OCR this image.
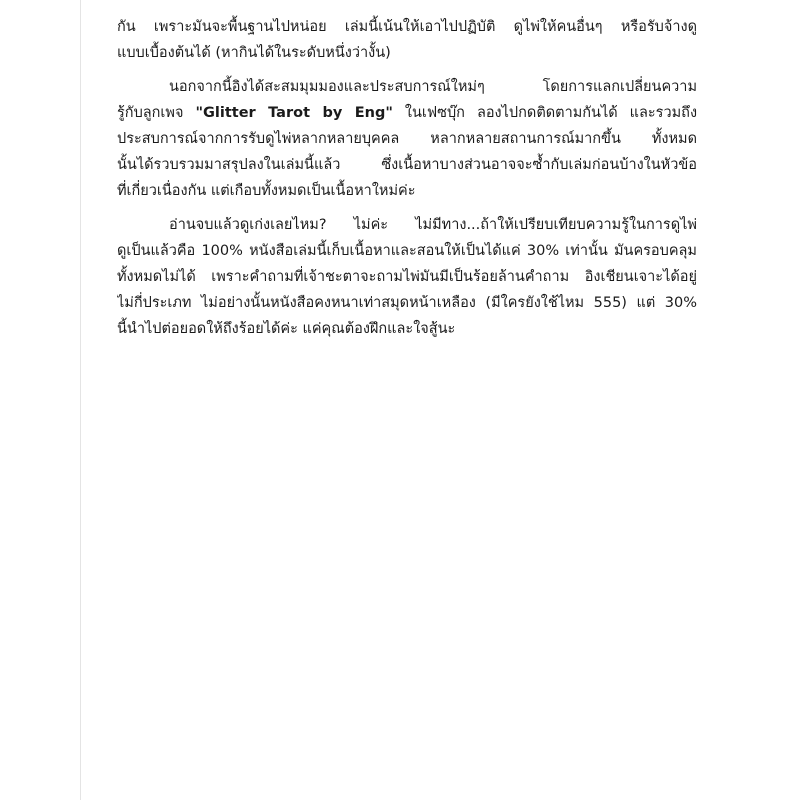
กัน เพราะมันจะพื้นฐานไปหน่อย เล่มนี้เน้นให้เอาไปปฏิบัติ ดูไพ่ให้คนอื่นๆ หรือรับจ้างดู
แบบเบื้องต้นได้ (หากินได้ในระดับหนึ่งว่างั้น)
นอกจากนี้อิงได้สะสมมุมมองและประสบการณ์ใหม่ๆ โดยการแลกเปลี่ยนความ
รู้กับลูกเพจ "Glitter Tarot by Eng" ในเฟซบุ๊ก ลองไปกดติดตามกันได้ และรวมถึง
ประสบการณ์จากการรับดูไพ่หลากหลายบุคคล หลากหลายสถานการณ์มากขึ้น ทั้งหมด
นั้นได้รวบรวมมาสรุปลงในเล่มนี้แล้ว ซึ่งเนื้อหาบางส่วนอาจจะซ้ำกับเล่มก่อนบ้างในหัวข้อ
ที่เกี่ยวเนื่องกัน แต่เกือบทั้งหมดเป็นเนื้อหาใหม่ค่ะ
อ่านจบแล้วดูเก่งเลยไหม? ไม่ค่ะ ไม่มีทาง...ถ้าให้เปรียบเทียบความรู้ในการดูไพ่
ดูเป็นแล้วคือ 100% หนังสือเล่มนี้เก็บเนื้อหาและสอนให้เป็นได้แค่ 30% เท่านั้น มันครอบคลุม
ทั้งหมดไม่ได้ เพราะคำถามที่เจ้าชะตาจะถามไพ่มันมีเป็นร้อยล้านคำถาม อิงเชียนเจาะได้อยู่
ไม่กี่ประเภท ไม่อย่างนั้นหนังสือคงหนาเท่าสมุดหน้าเหลือง (มีใครยังใช้ไหม 555) แต่ 30%
นี้นำไปต่อยอดให้ถึงร้อยได้ค่ะ แค่คุณต้องฝึกและใจสู้นะ
